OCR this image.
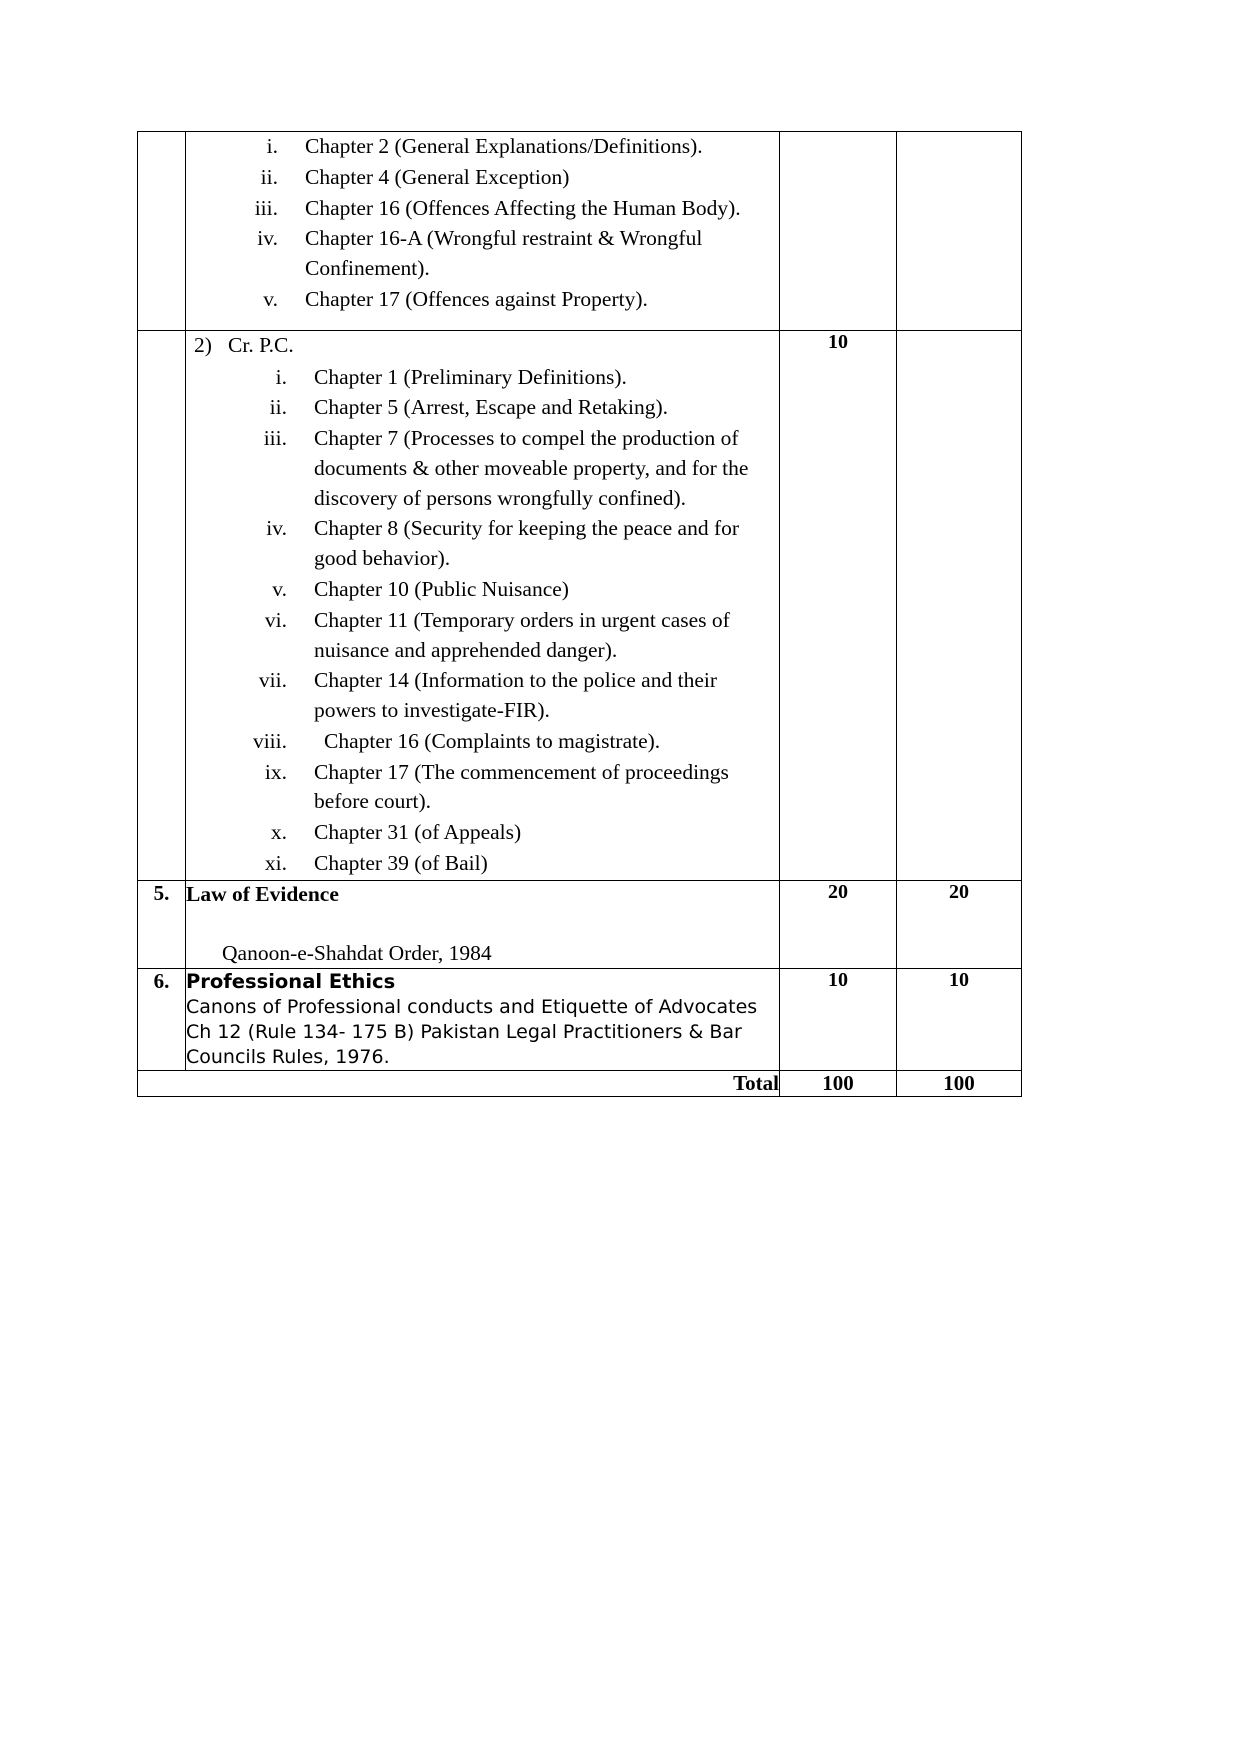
i. Chapter 2 (General Explanations/Definitions).
ii. Chapter 4 (General Exception)
iii. Chapter 16 (Offences Affecting the Human Body).
iv. Chapter 16-A (Wrongful restraint & Wrongful Confinement).
v. Chapter 17 (Offences against Property).

2) Cr. P.C.
i. Chapter 1 (Preliminary Definitions).
ii. Chapter 5 (Arrest, Escape and Retaking).
iii. Chapter 7 (Processes to compel the production of documents & other moveable property, and for the discovery of persons wrongfully confined).
iv. Chapter 8 (Security for keeping the peace and for good behavior).
v. Chapter 10 (Public Nuisance)
vi. Chapter 11 (Temporary orders in urgent cases of nuisance and apprehended danger).
vii. Chapter 14 (Information to the police and their powers to investigate-FIR).
viii.	Chapter 16 (Complaints to magistrate).
ix. Chapter 17 (The commencement of proceedings before court).
x. Chapter 31 (of Appeals)
xi. Chapter 39 (of Bail)
	10	
5.	Law of Evidence
Qanoon-e-Shahdat Order, 1984	20	20
6.	Professional Ethics
Canons of Professional conducts and Etiquette of Advocates
Ch 12 (Rule 134- 175 B) Pakistan Legal Practitioners & Bar
Councils Rules, 1976.	10	10
Total		100	100
